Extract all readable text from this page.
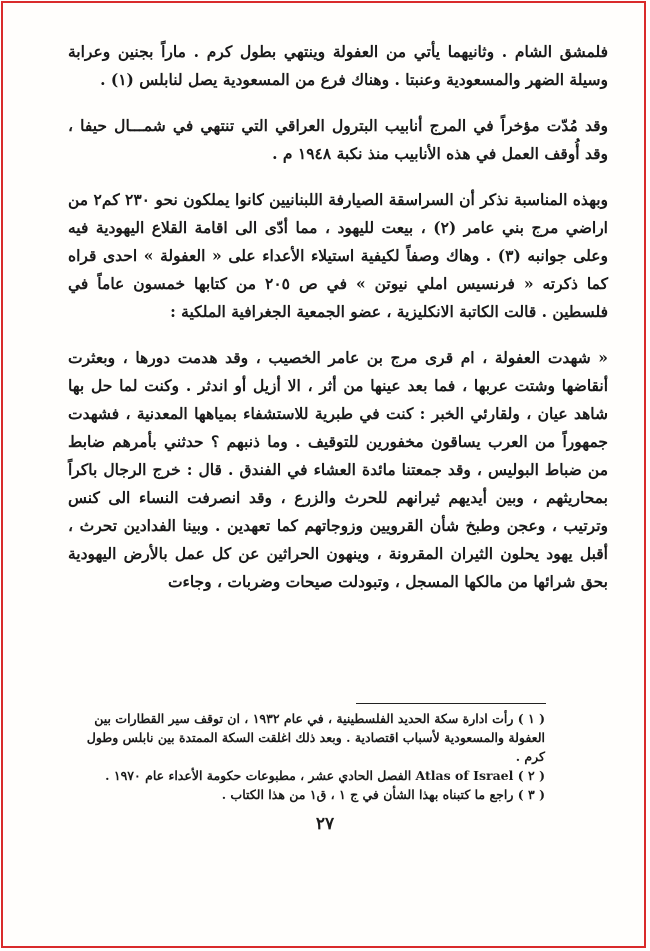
فلمشق الشام . وثانيهما يأتي من العفولة وينتهي بطول كرم . ماراً بجنين وعرابة وسيلة الضهر والمسعودية وعنبتا . وهناك فرع من المسعودية يصل لنابلس (١) .

وقد مُدّت مؤخراً في المرج أنابيب البترول العراقي التي تنتهي في شمـــال حيفا ، وقد أُوقف العمل في هذه الأنابيب منذ نكبة ١٩٤٨ م .

وبهذه المناسبة نذكر أن السراسقة الصيارفة اللبنانيين كانوا يملكون نحو ٢٣٠ كم٢ من اراضي مرج بني عامر (٢) ، بيعت لليهود ، مما أدّى الى اقامة القلاع اليهودية فيه وعلى جوانبه (٣) . وهاك وصفاً لكيفية استيلاء الأعداء على « العفولة » احدى قراه كما ذكرته « فرنسيس املي نيوتن » في ص ٢٠٥ من كتابها خمسون عاماً في فلسطين . قالت الكاتبة الانكليزية ، عضو الجمعية الجغرافية الملكية :

« شهدت العفولة ، ام قرى مرج بن عامر الخصيب ، وقد هدمت دورها ، وبعثرت أنقاضها وشتت عربها ، فما بعد عينها من أثر ، الا أزيل أو اندثر . وكنت لما حل بها شاهد عيان ، ولقارئي الخبر : كنت في طبرية للاستشفاء بمياهها المعدنية ، فشهدت جمهوراً من العرب يساقون مخفورين للتوقيف . وما ذنبهم ؟ حدثني بأمرهم ضابط من ضباط البوليس ، وقد جمعتنا مائدة العشاء في الفندق . قال : خرج الرجال باكراً بمحاريثهم ، وبين أيديهم ثيرانهم للحرث والزرع ، وقد انصرفت النساء الى كنس وترتيب ، وعجن وطبخ شأن القرويين وزوجاتهم كما تعهدين . وبينا الفدادين تحرث ، أقبل يهود يحلون الثيران المقرونة ، وينهون الحراثين عن كل عمل بالأرض اليهودية بحق شرائها من مالكها المسجل ، وتبودلت صيحات وضربات ، وجاءت

( ١ ) رأت ادارة سكة الحديد الفلسطينية ، في عام ١٩٣٢ ، ان توقف سير القطارات بين العفولة والمسعودية لأسباب اقتصادية . وبعد ذلك اغلقت السكة الممتدة بين نابلس وطول كرم .

( ٢ ) Atlas of Israel الفصل الحادي عشر ، مطبوعات حكومة الأعداء عام ١٩٧٠ .

( ٣ ) راجع ما كتبناه بهذا الشأن في ج ١ ، ق١ من هذا الكتاب .

٢٧
